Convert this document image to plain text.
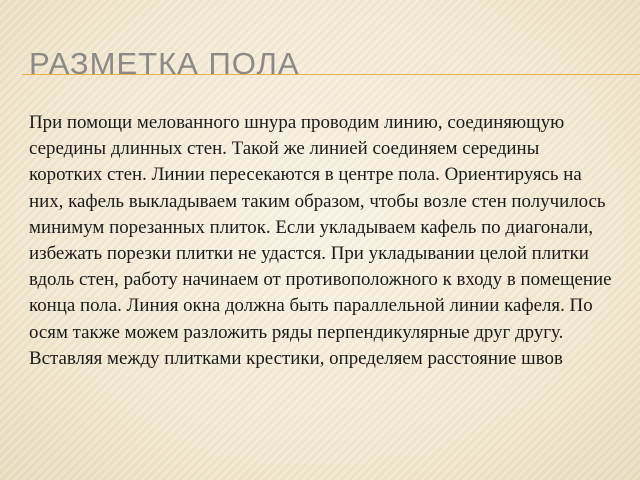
РАЗМЕТКА ПОЛА

При помощи мелованного шнура проводим линию, соединяющую середины длинных стен. Такой же линией соединяем середины коротких стен. Линии пересекаются в центре пола. Ориентируясь на них, кафель выкладываем таким образом, чтобы возле стен получилось минимум порезанных плиток. Если укладываем кафель по диагонали, избежать порезки плитки не удастся. При укладывании целой плитки вдоль стен, работу начинаем от противоположного к входу в помещение конца пола. Линия окна должна быть параллельной линии кафеля. По осям также можем разложить ряды перпендикулярные друг другу. Вставляя между плитками крестики, определяем расстояние швов
